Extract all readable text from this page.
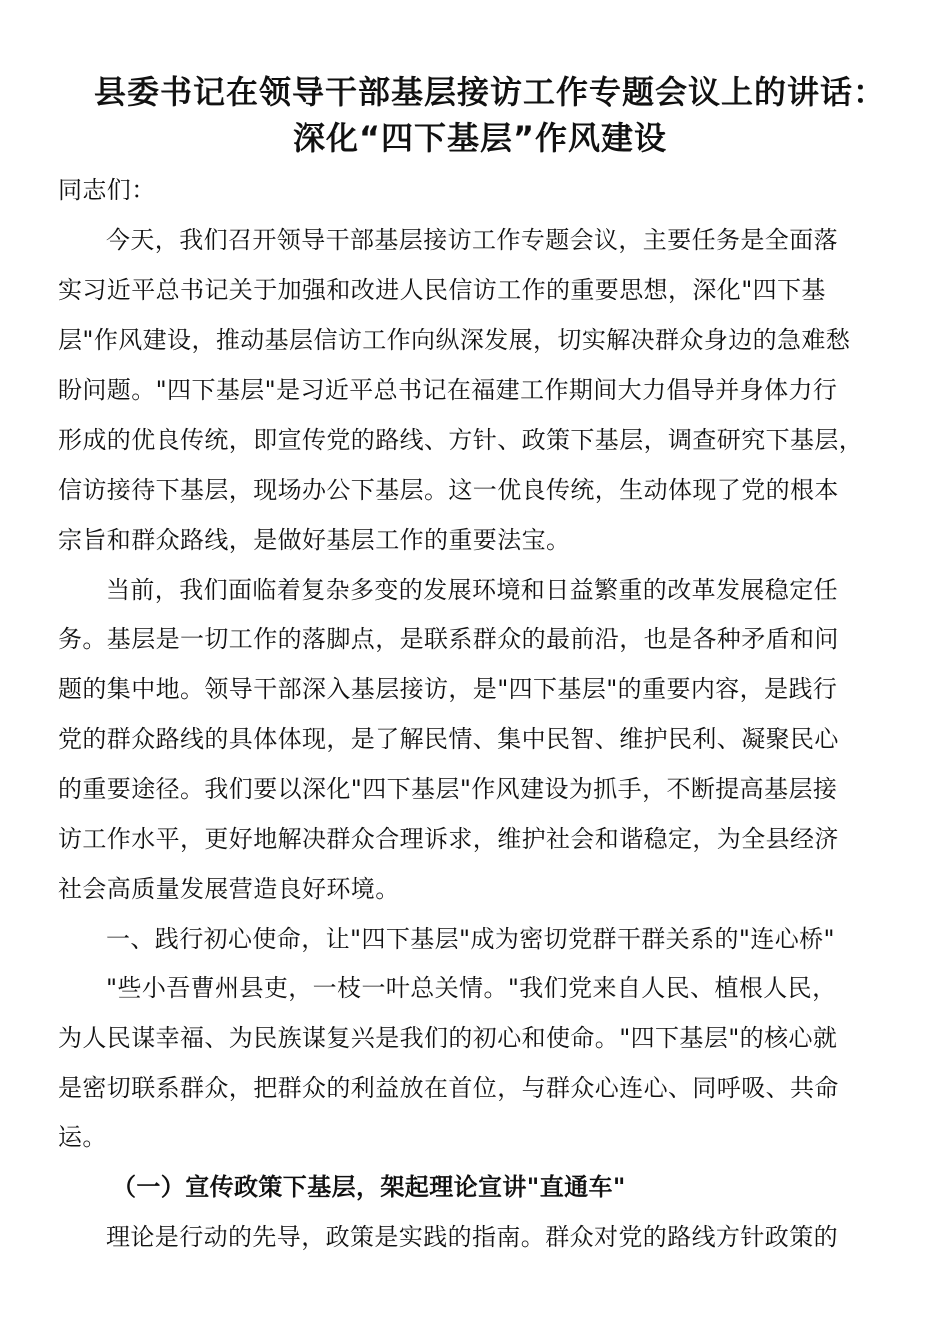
县委书记在领导干部基层接访工作专题会议上的讲话：
深化“四下基层”作风建设
同志们：
今天，我们召开领导干部基层接访工作专题会议，主要任务是全面落
实习近平总书记关于加强和改进人民信访工作的重要思想，深化"四下基
层"作风建设，推动基层信访工作向纵深发展，切实解决群众身边的急难愁
盼问题。"四下基层"是习近平总书记在福建工作期间大力倡导并身体力行
形成的优良传统，即宣传党的路线、方针、政策下基层，调查研究下基层，
信访接待下基层，现场办公下基层。这一优良传统，生动体现了党的根本
宗旨和群众路线，是做好基层工作的重要法宝。
当前，我们面临着复杂多变的发展环境和日益繁重的改革发展稳定任
务。基层是一切工作的落脚点，是联系群众的最前沿，也是各种矛盾和问
题的集中地。领导干部深入基层接访，是"四下基层"的重要内容，是践行
党的群众路线的具体体现，是了解民情、集中民智、维护民利、凝聚民心
的重要途径。我们要以深化"四下基层"作风建设为抓手，不断提高基层接
访工作水平，更好地解决群众合理诉求，维护社会和谐稳定，为全县经济
社会高质量发展营造良好环境。
一、践行初心使命，让"四下基层"成为密切党群干群关系的"连心桥"
"些小吾曹州县吏，一枝一叶总关情。"我们党来自人民、植根人民，
为人民谋幸福、为民族谋复兴是我们的初心和使命。"四下基层"的核心就
是密切联系群众，把群众的利益放在首位，与群众心连心、同呼吸、共命
运。
（一）宣传政策下基层，架起理论宣讲"直通车"
理论是行动的先导，政策是实践的指南。群众对党的路线方针政策的
